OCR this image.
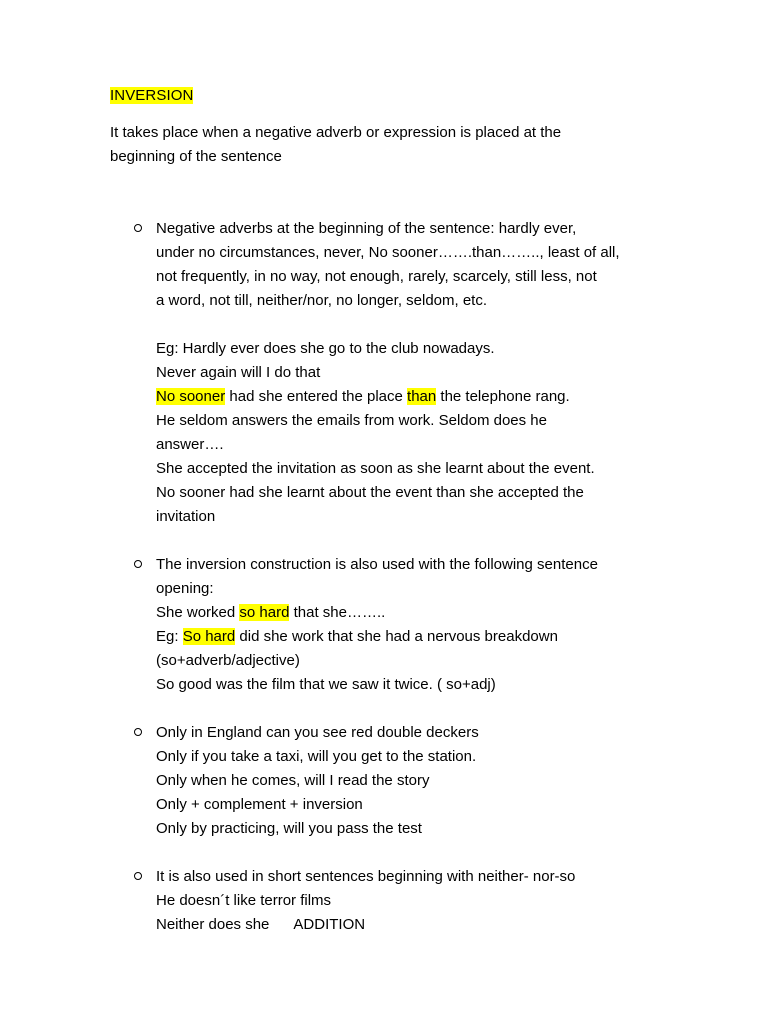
INVERSION
It takes place when a negative adverb or expression is placed at the
beginning of the sentence
Negative adverbs at the beginning of the sentence: hardly ever,
under no circumstances, never, No sooner…….than…….., least of all,
not frequently, in no way, not enough, rarely, scarcely, still less, not
a word, not till, neither/nor, no longer, seldom, etc.
Eg: Hardly ever does she go to the club nowadays.
Never again will I do that
No sooner had she entered the place than the telephone rang.
He seldom answers the emails from work. Seldom does he
answer….
She accepted the invitation as soon as she learnt about the event.
No sooner had she learnt about the event than she accepted the
invitation
The inversion construction is also used with the following sentence
opening:
She worked so hard that she……..
Eg: So hard did she work that she had a nervous breakdown
(so+adverb/adjective)
So good was the film that we saw it twice. ( so+adj)
Only in England can you see red double deckers
Only if you take a taxi, will you get to the station.
Only when he comes, will I read the story
Only + complement + inversion
Only by practicing, will you pass the test
It is also used in short sentences beginning with neither- nor-so
He doesn´t like terror films
Neither does she ADDITION
